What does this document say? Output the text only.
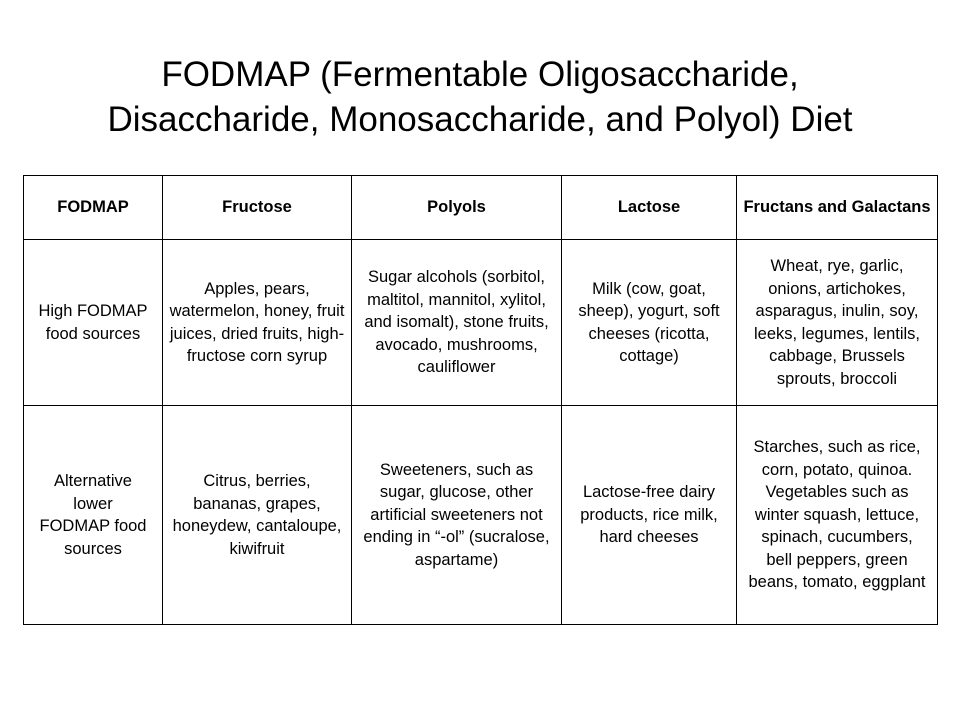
FODMAP (Fermentable Oligosaccharide,
Disaccharide, Monosaccharide, and Polyol) Diet
FODMAP	Fructose	Polyols	Lactose	Fructans and Galactans
High FODMAP food sources	Apples, pears, watermelon, honey, fruit juices, dried fruits, high-fructose corn syrup	Sugar alcohols (sorbitol, maltitol, mannitol, xylitol, and isomalt), stone fruits, avocado, mushrooms, cauliflower	Milk (cow, goat, sheep), yogurt, soft cheeses (ricotta, cottage)	Wheat, rye, garlic, onions, artichokes, asparagus, inulin, soy, leeks, legumes, lentils, cabbage, Brussels sprouts, broccoli
Alternative lower FODMAP food sources	Citrus, berries, bananas, grapes, honeydew, cantaloupe, kiwifruit	Sweeteners, such as sugar, glucose, other artificial sweeteners not ending in “-ol” (sucralose, aspartame)	Lactose-free dairy products, rice milk, hard cheeses	Starches, such as rice, corn, potato, quinoa. Vegetables such as winter squash, lettuce, spinach, cucumbers, bell peppers, green beans, tomato, eggplant
